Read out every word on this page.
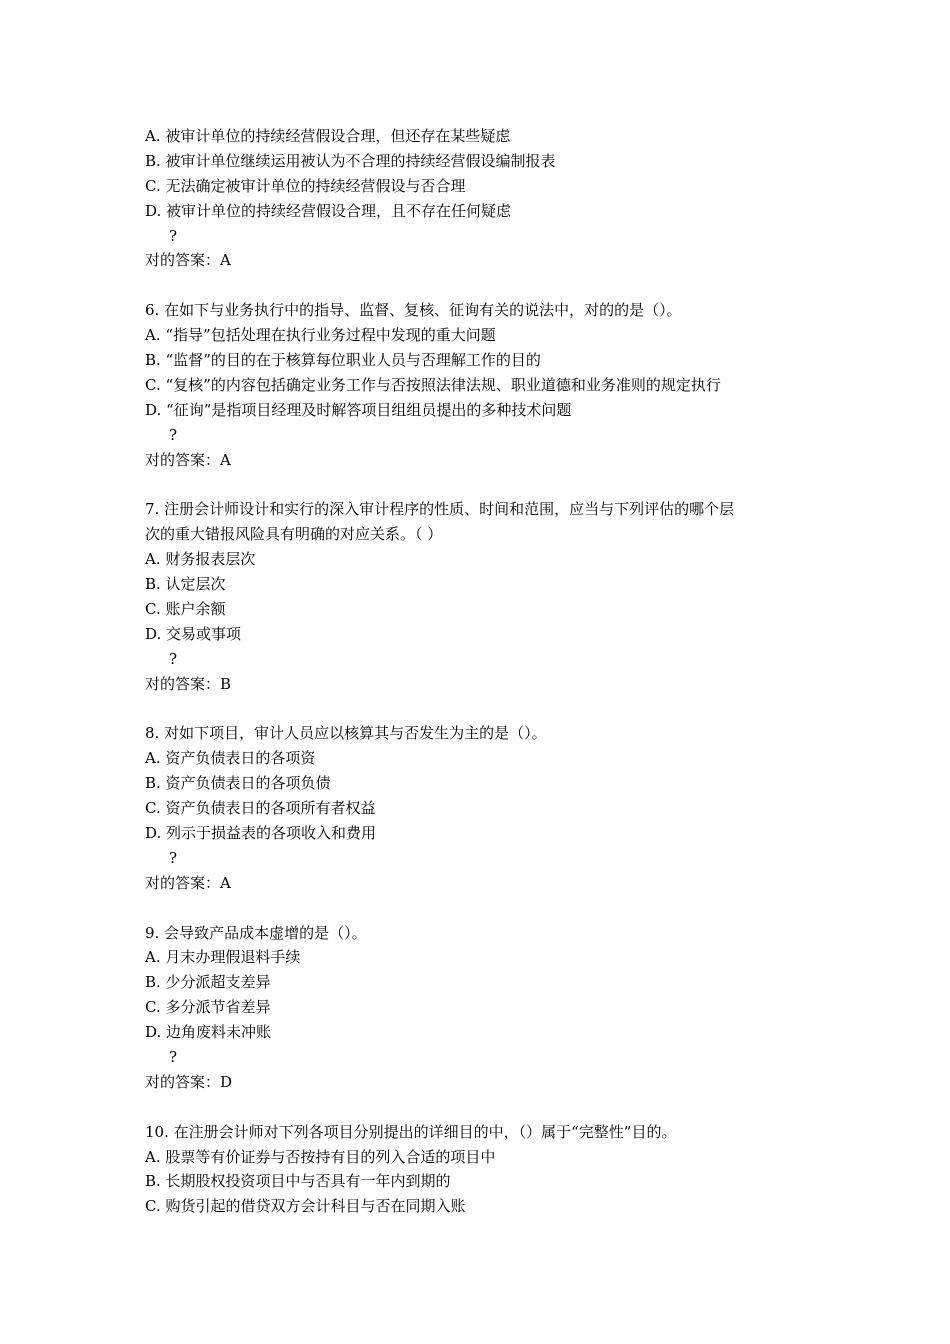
A. 被审计单位的持续经营假设合理，但还存在某些疑虑
B. 被审计单位继续运用被认为不合理的持续经营假设编制报表
C. 无法确定被审计单位的持续经营假设与否合理
D. 被审计单位的持续经营假设合理，且不存在任何疑虑
?
对的答案：A
6. 在如下与业务执行中的指导、监督、复核、征询有关的说法中，对的的是（）。
A. “指导”包括处理在执行业务过程中发现的重大问题
B. “监督”的目的在于核算每位职业人员与否理解工作的目的
C. “复核”的内容包括确定业务工作与否按照法律法规、职业道德和业务准则的规定执行
D. “征询”是指项目经理及时解答项目组组员提出的多种技术问题
?
对的答案：A
7. 注册会计师设计和实行的深入审计程序的性质、时间和范围，应当与下列评估的哪个层
次的重大错报风险具有明确的对应关系。（ ）
A. 财务报表层次
B. 认定层次
C. 账户余额
D. 交易或事项
?
对的答案：B
8. 对如下项目，审计人员应以核算其与否发生为主的是（）。
A. 资产负债表日的各项资
B. 资产负债表日的各项负债
C. 资产负债表日的各项所有者权益
D. 列示于损益表的各项收入和费用
?
对的答案：A
9. 会导致产品成本虚增的是（）。
A. 月末办理假退料手续
B. 少分派超支差异
C. 多分派节省差异
D. 边角废料未冲账
?
对的答案：D
10. 在注册会计师对下列各项目分别提出的详细目的中，（）属于“完整性”目的。
A. 股票等有价证券与否按持有目的列入合适的项目中
B. 长期股权投资项目中与否具有一年内到期的
C. 购货引起的借贷双方会计科目与否在同期入账
